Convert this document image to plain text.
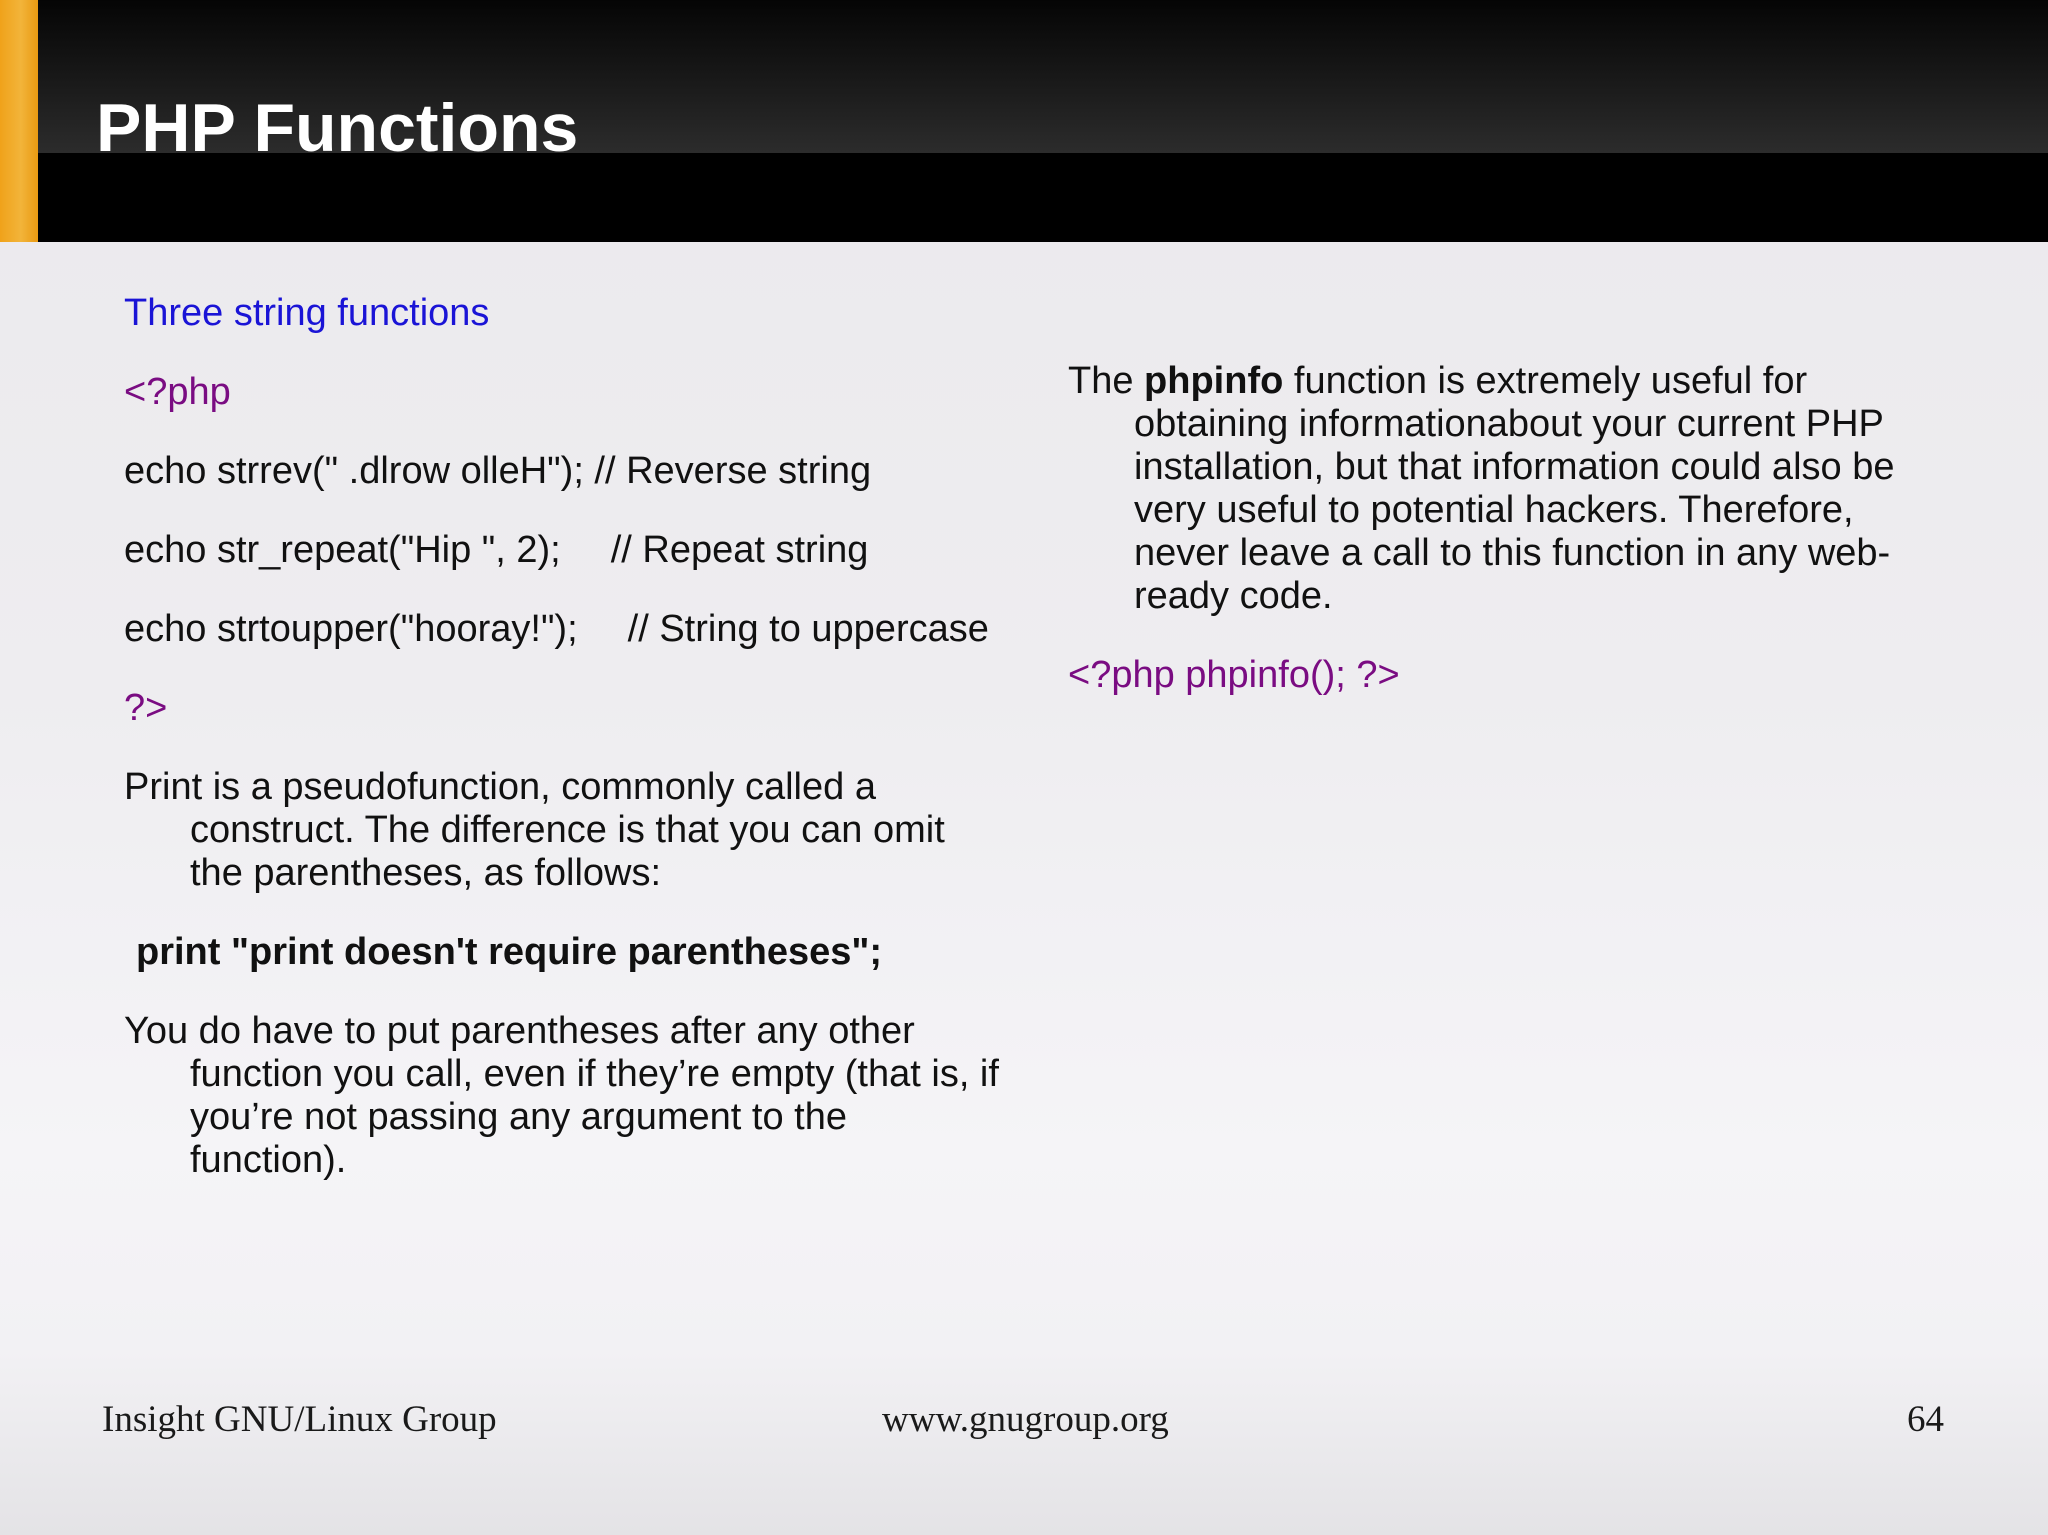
PHP Functions

Three string functions

<?php

echo strrev(" .dlrow olleH"); // Reverse string

echo str_repeat("Hip ", 2); // Repeat string

echo strtoupper("hooray!"); // String to uppercase

?>

Print is a pseudofunction, commonly called a construct. The difference is that you can omit the parentheses, as follows:

print "print doesn't require parentheses";

You do have to put parentheses after any other function you call, even if they’re empty (that is, if you’re not passing any argument to the function).

The phpinfo function is extremely useful for obtaining informationabout your current PHP installation, but that information could also be very useful to potential hackers. Therefore, never leave a call to this function in any web-ready code.

<?php phpinfo(); ?>

Insight GNU/Linux Group	www.gnugroup.org	64
